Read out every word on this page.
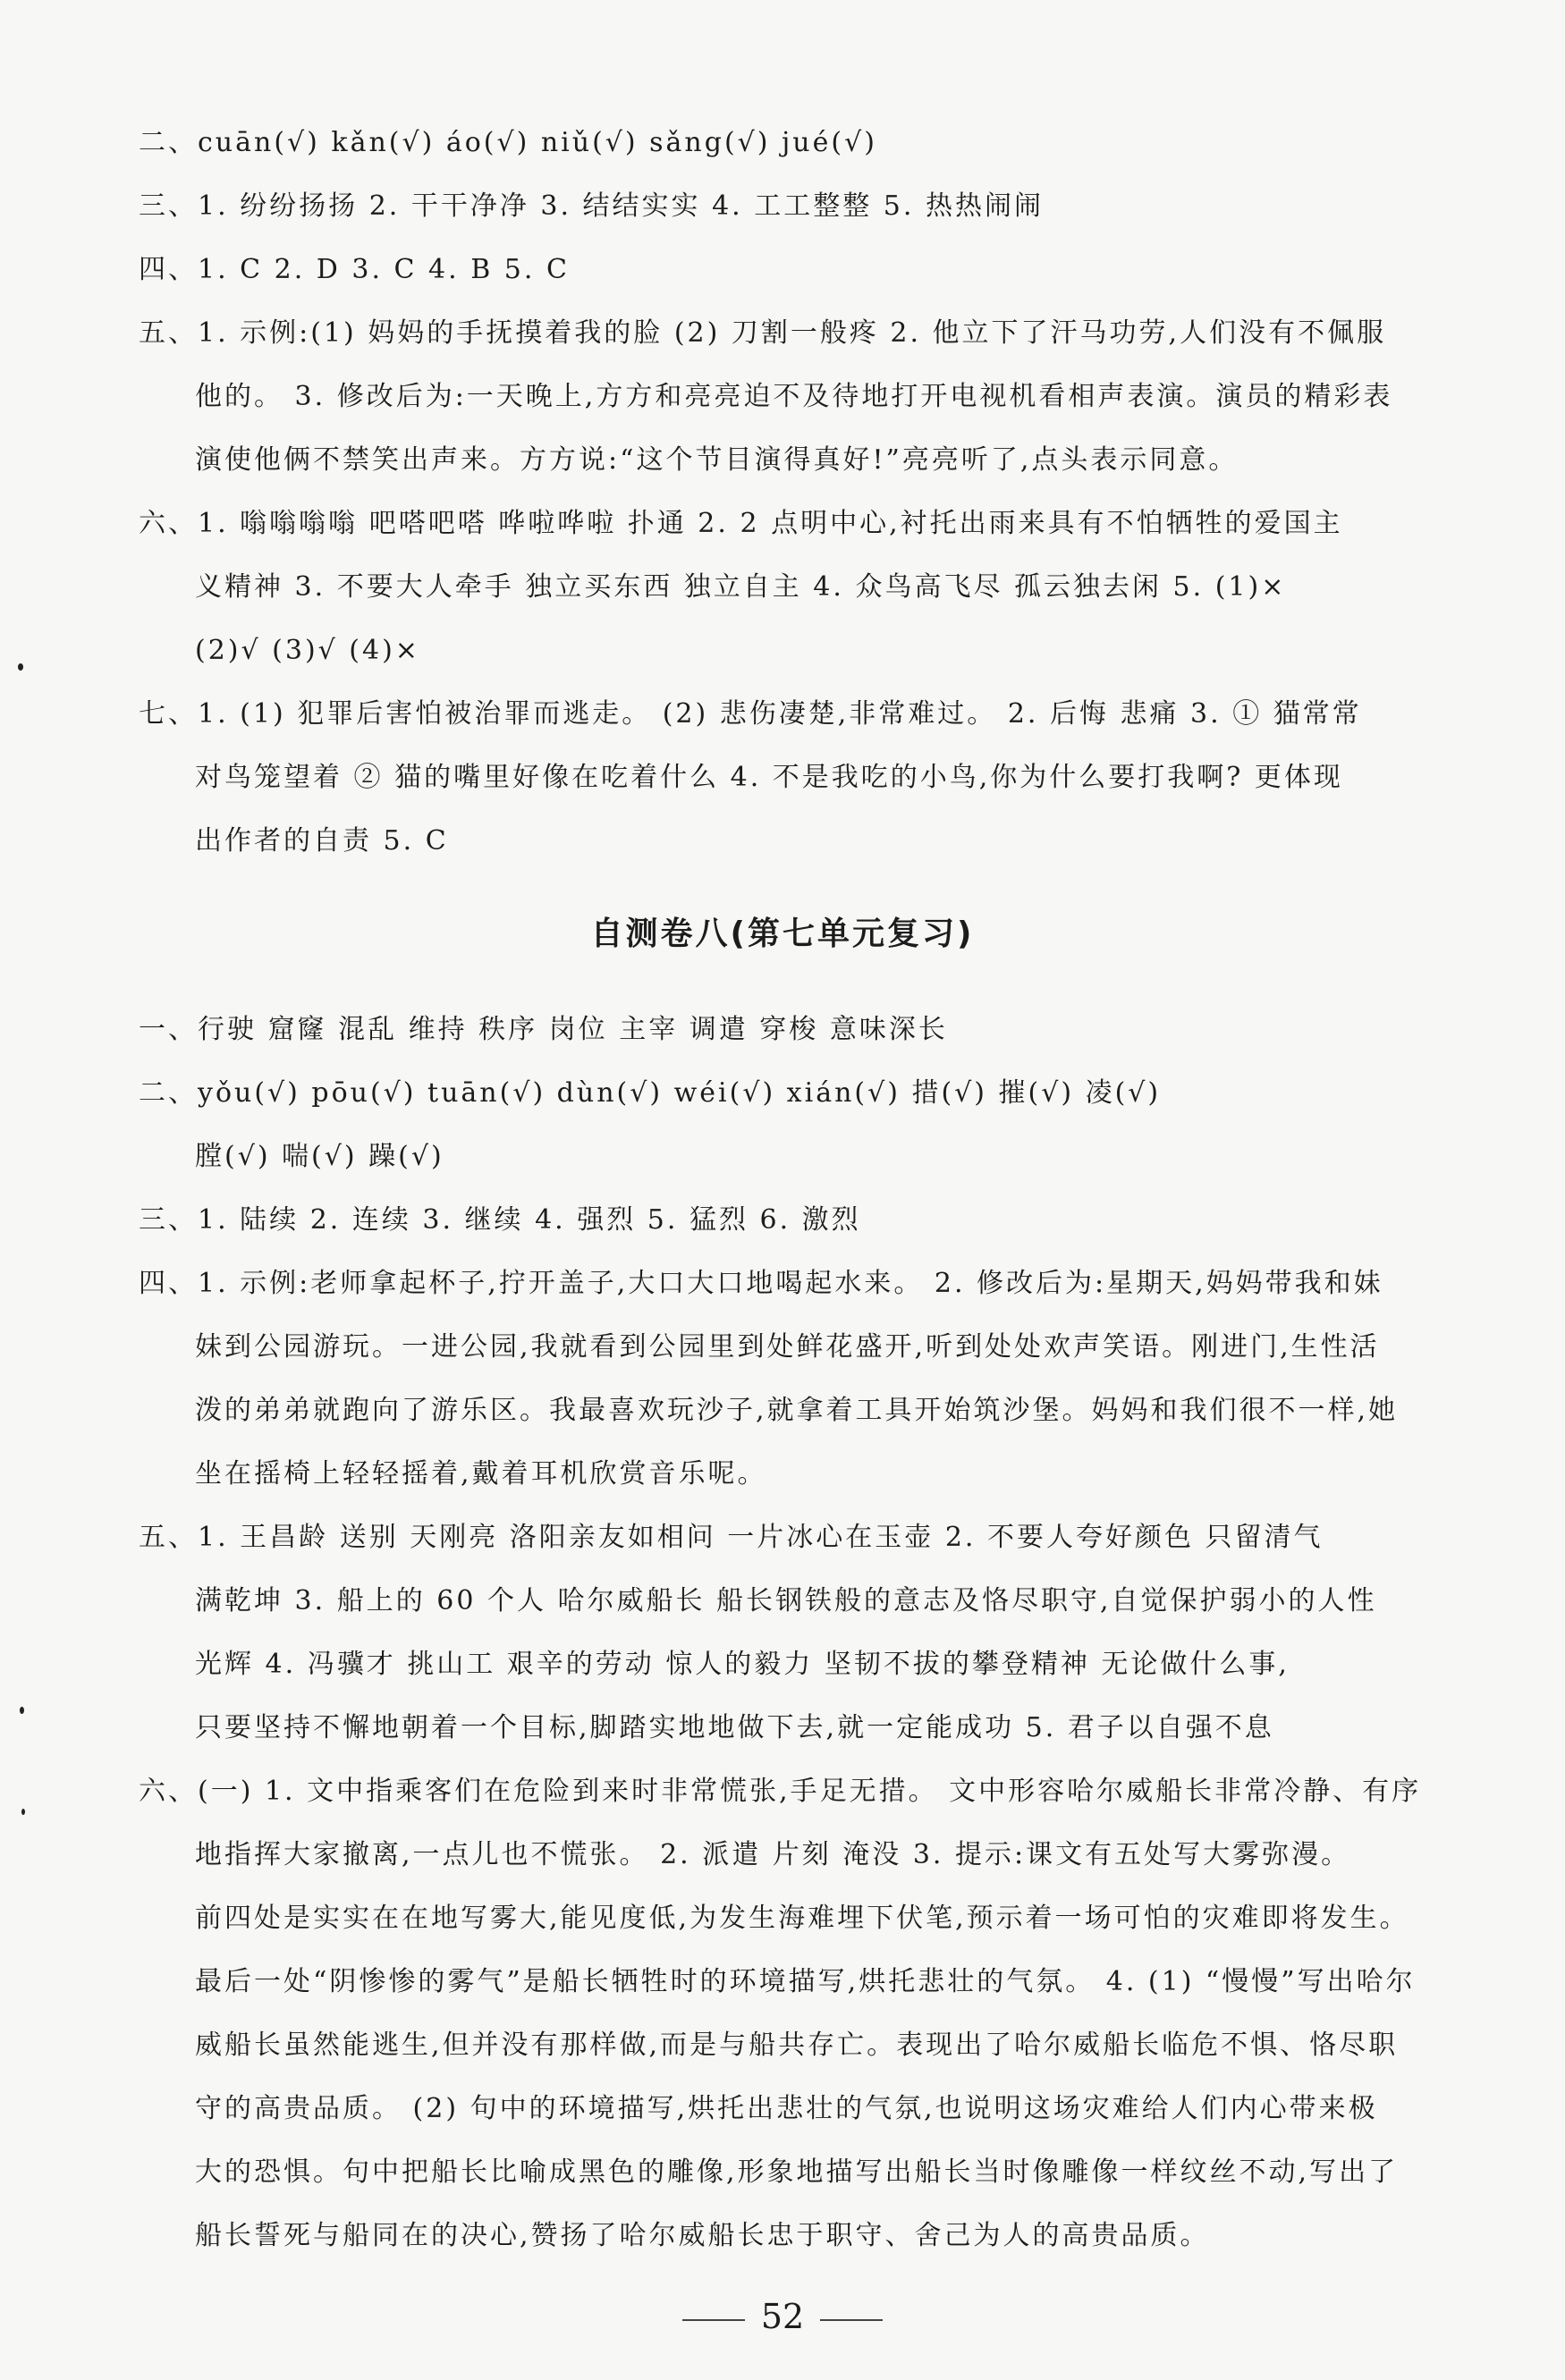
二、cuān(√) kǎn(√) áo(√) niǔ(√) sǎng(√) jué(√)
三、1. 纷纷扬扬 2. 干干净净 3. 结结实实 4. 工工整整 5. 热热闹闹
四、1. C 2. D 3. C 4. B 5. C
五、1. 示例:(1) 妈妈的手抚摸着我的脸 (2) 刀割一般疼 2. 他立下了汗马功劳,人们没有不佩服
他的。 3. 修改后为:一天晚上,方方和亮亮迫不及待地打开电视机看相声表演。演员的精彩表
演使他俩不禁笑出声来。方方说:“这个节目演得真好!”亮亮听了,点头表示同意。
六、1. 嗡嗡嗡嗡 吧嗒吧嗒 哗啦哗啦 扑通 2. 2 点明中心,衬托出雨来具有不怕牺牲的爱国主
义精神 3. 不要大人牵手 独立买东西 独立自主 4. 众鸟高飞尽 孤云独去闲 5. (1)×
(2)√ (3)√ (4)×
七、1. (1) 犯罪后害怕被治罪而逃走。 (2) 悲伤凄楚,非常难过。 2. 后悔 悲痛 3. ① 猫常常
对鸟笼望着 ② 猫的嘴里好像在吃着什么 4. 不是我吃的小鸟,你为什么要打我啊? 更体现
出作者的自责 5. C
自测卷八(第七单元复习)
一、行驶 窟窿 混乱 维持 秩序 岗位 主宰 调遣 穿梭 意味深长
二、yǒu(√) pōu(√) tuān(√) dùn(√) wéi(√) xián(√) 措(√) 摧(√) 凌(√)
膛(√) 喘(√) 躁(√)
三、1. 陆续 2. 连续 3. 继续 4. 强烈 5. 猛烈 6. 激烈
四、1. 示例:老师拿起杯子,拧开盖子,大口大口地喝起水来。 2. 修改后为:星期天,妈妈带我和妹
妹到公园游玩。一进公园,我就看到公园里到处鲜花盛开,听到处处欢声笑语。刚进门,生性活
泼的弟弟就跑向了游乐区。我最喜欢玩沙子,就拿着工具开始筑沙堡。妈妈和我们很不一样,她
坐在摇椅上轻轻摇着,戴着耳机欣赏音乐呢。
五、1. 王昌龄 送别 天刚亮 洛阳亲友如相问 一片冰心在玉壶 2. 不要人夸好颜色 只留清气
满乾坤 3. 船上的 60 个人 哈尔威船长 船长钢铁般的意志及恪尽职守,自觉保护弱小的人性
光辉 4. 冯骥才 挑山工 艰辛的劳动 惊人的毅力 坚韧不拔的攀登精神 无论做什么事,
只要坚持不懈地朝着一个目标,脚踏实地地做下去,就一定能成功 5. 君子以自强不息
六、(一) 1. 文中指乘客们在危险到来时非常慌张,手足无措。 文中形容哈尔威船长非常冷静、有序
地指挥大家撤离,一点儿也不慌张。 2. 派遣 片刻 淹没 3. 提示:课文有五处写大雾弥漫。
前四处是实实在在地写雾大,能见度低,为发生海难埋下伏笔,预示着一场可怕的灾难即将发生。
最后一处“阴惨惨的雾气”是船长牺牲时的环境描写,烘托悲壮的气氛。 4. (1) “慢慢”写出哈尔
威船长虽然能逃生,但并没有那样做,而是与船共存亡。表现出了哈尔威船长临危不惧、恪尽职
守的高贵品质。 (2) 句中的环境描写,烘托出悲壮的气氛,也说明这场灾难给人们内心带来极
大的恐惧。句中把船长比喻成黑色的雕像,形象地描写出船长当时像雕像一样纹丝不动,写出了
船长誓死与船同在的决心,赞扬了哈尔威船长忠于职守、舍己为人的高贵品质。
52
